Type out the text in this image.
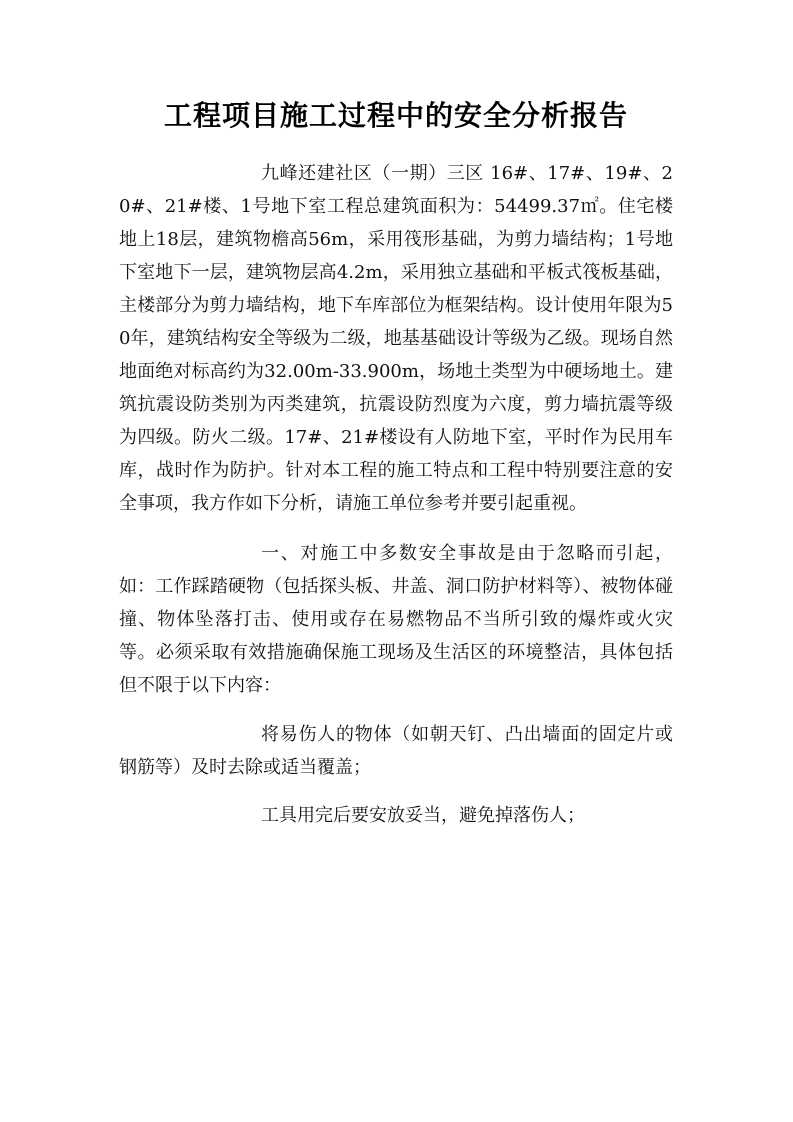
工程项目施工过程中的安全分析报告

九峰还建社区（一期）三区 16#、17#、19#、20#、21#楼、1号地下室工程总建筑面积为：54499.37㎡。住宅楼地上18层，建筑物檐高56m，采用筏形基础，为剪力墙结构；1号地下室地下一层，建筑物层高4.2m，采用独立基础和平板式筏板基础，主楼部分为剪力墙结构，地下车库部位为框架结构。设计使用年限为50年，建筑结构安全等级为二级，地基基础设计等级为乙级。现场自然地面绝对标高约为32.00m-33.900m，场地土类型为中硬场地土。建筑抗震设防类别为丙类建筑，抗震设防烈度为六度，剪力墙抗震等级为四级。防火二级。17#、21#楼设有人防地下室，平时作为民用车库，战时作为防护。针对本工程的施工特点和工程中特别要注意的安全事项，我方作如下分析，请施工单位参考并要引起重视。

一、对施工中多数安全事故是由于忽略而引起，如：工作踩踏硬物（包括探头板、井盖、洞口防护材料等）、被物体碰撞、物体坠落打击、使用或存在易燃物品不当所引致的爆炸或火灾等。必须采取有效措施确保施工现场及生活区的环境整洁，具体包括但不限于以下内容：

将易伤人的物体（如朝天钉、凸出墙面的固定片或钢筋等）及时去除或适当覆盖；

工具用完后要安放妥当，避免掉落伤人；
